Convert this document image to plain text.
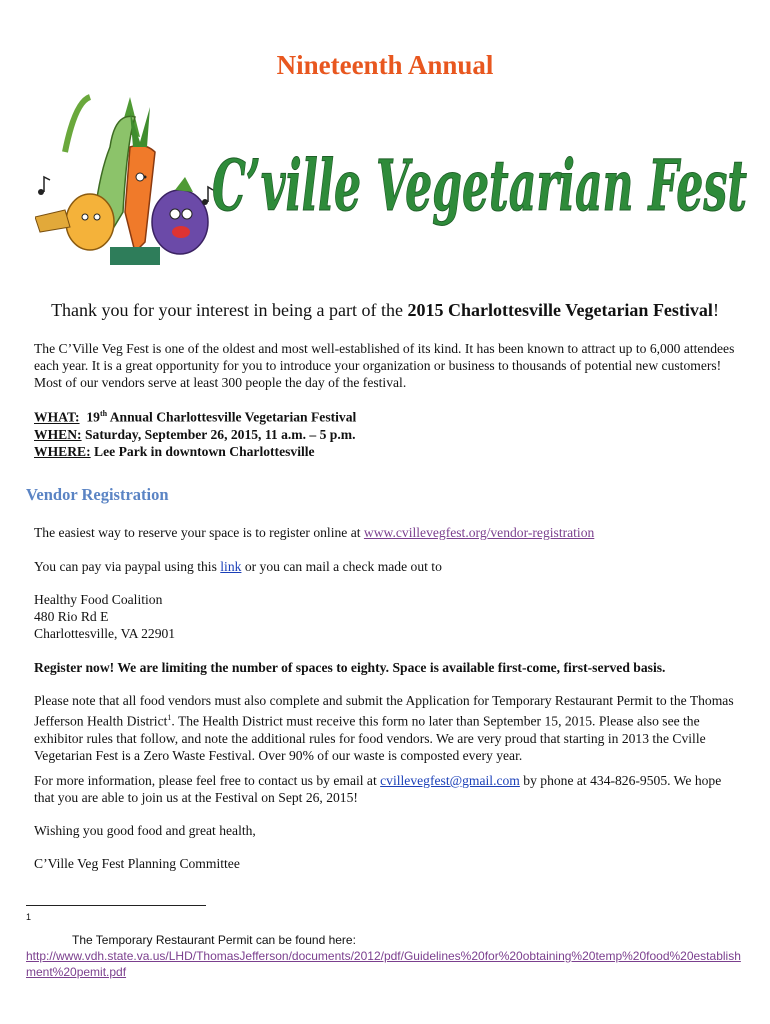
Nineteenth Annual
C’ville Vegetarian Fest
Thank you for your interest in being a part of the 2015 Charlottesville Vegetarian Festival!
The C’Ville Veg Fest is one of the oldest and most well-established of its kind. It has been known to attract up to 6,000 attendees each year. It is a great opportunity for you to introduce your organization or business to thousands of potential new customers! Most of our vendors serve at least 300 people the day of the festival.
WHAT: 19th Annual Charlottesville Vegetarian Festival
WHEN: Saturday, September 26, 2015, 11 a.m. – 5 p.m.
WHERE: Lee Park in downtown Charlottesville
Vendor Registration
The easiest way to reserve your space is to register online at www.cvillevegfest.org/vendor-registration
You can pay via paypal using this link or you can mail a check made out to
Healthy Food Coalition
480 Rio Rd E
Charlottesville, VA 22901
Register now! We are limiting the number of spaces to eighty. Space is available first-come, first-served basis.
Please note that all food vendors must also complete and submit the Application for Temporary Restaurant Permit to the Thomas Jefferson Health District$^1$. The Health District must receive this form no later than September 15, 2015. Please also see the exhibitor rules that follow, and note the additional rules for food vendors. We are very proud that starting in 2013 the Cville Vegetarian Fest is a Zero Waste Festival. Over 90% of our waste is composted every year.
For more information, please feel free to contact us by email at cvillevegfest@gmail.com by phone at 434-826-9505. We hope that you are able to join us at the Festival on Sept 26, 2015!
Wishing you good food and great health,
C’Ville Veg Fest Planning Committee
1
The Temporary Restaurant Permit can be found here:
http://www.vdh.state.va.us/LHD/ThomasJefferson/documents/2012/pdf/Guidelines%20for%20obtaining%20temp%20food%20establishment%20pemit.pdf
